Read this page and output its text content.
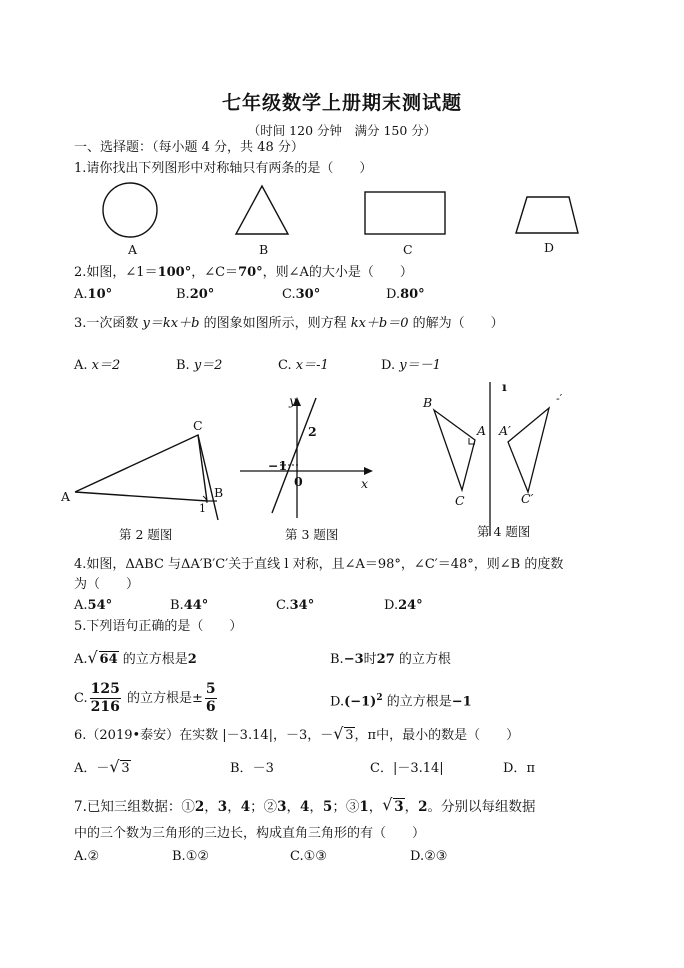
七年级数学上册期末测试题
（时间 120 分钟　满分 150 分）
一、选择题：（每小题 4 分，共 48 分）
1.请你找出下列图形中对称轴只有两条的是（　　）
A	B	C	D
2.如图，∠1＝100°，∠C＝70°，则∠A的大小是（　　）
A.10°	B.20°	C.30°	D.80°
3.一次函数 y＝kx＋b 的图象如图所示，则方程 kx＋b＝0 的解为（　　）
A. x＝2	B. y＝2	C. x＝-1	D. y＝－1
C
A	B
1
第 2 题图
y
2
−1
0	x
第 3 题图
B
A
C
A′
C′
ı
-′
第 4 题图
4.如图，ΔABC 与ΔA′B′C′关于直线 l 对称，且∠A＝98°，∠C′＝48°，则∠B 的度数
为（　　）
A.54°	B.44°	C.34°	D.24°
5.下列语句正确的是（　　）
A. √ 64 的立方根是2	B.−3时27 的立方根
C. $\frac{125}{216}$ 的立方根是± $\frac{5}{6}$	$D.(-1)^2$ 的立方根是−1
6.（2019•泰安）在实数 |－3.14|，－3，－ √ 3，π中，最小的数是（　　）
A．－ √ 3	B．－3	C．|－3.14|	D．π
7.已知三组数据：①2，3，4；②3，4，5；③1， √ 3，2。分别以每组数据
中的三个数为三角形的三边长，构成直角三角形的有（　　）
A.②	B.①②	C.①③	D.②③
